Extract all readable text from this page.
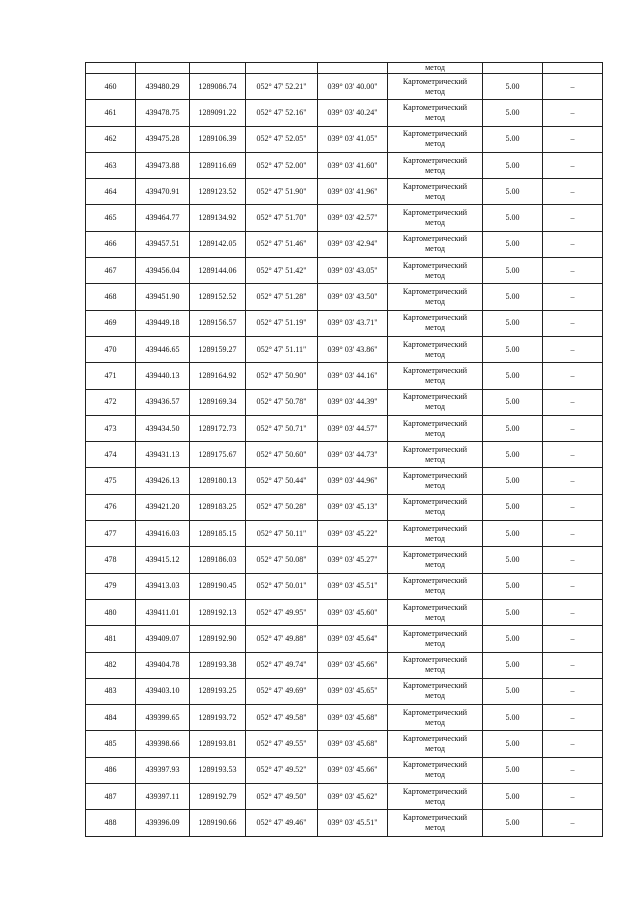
					метод		
460	439480.29	1289086.74	052° 47' 52.21"	039° 03' 40.00"	Картометрический
метод	5.00	–
461	439478.75	1289091.22	052° 47' 52.16"	039° 03' 40.24"	Картометрический
метод	5.00	–
462	439475.28	1289106.39	052° 47' 52.05"	039° 03' 41.05"	Картометрический
метод	5.00	–
463	439473.88	1289116.69	052° 47' 52.00"	039° 03' 41.60"	Картометрический
метод	5.00	–
464	439470.91	1289123.52	052° 47' 51.90"	039° 03' 41.96"	Картометрический
метод	5.00	–
465	439464.77	1289134.92	052° 47' 51.70"	039° 03' 42.57"	Картометрический
метод	5.00	–
466	439457.51	1289142.05	052° 47' 51.46"	039° 03' 42.94"	Картометрический
метод	5.00	–
467	439456.04	1289144.06	052° 47' 51.42"	039° 03' 43.05"	Картометрический
метод	5.00	–
468	439451.90	1289152.52	052° 47' 51.28"	039° 03' 43.50"	Картометрический
метод	5.00	–
469	439449.18	1289156.57	052° 47' 51.19"	039° 03' 43.71"	Картометрический
метод	5.00	–
470	439446.65	1289159.27	052° 47' 51.11"	039° 03' 43.86"	Картометрический
метод	5.00	–
471	439440.13	1289164.92	052° 47' 50.90"	039° 03' 44.16"	Картометрический
метод	5.00	–
472	439436.57	1289169.34	052° 47' 50.78"	039° 03' 44.39"	Картометрический
метод	5.00	–
473	439434.50	1289172.73	052° 47' 50.71"	039° 03' 44.57"	Картометрический
метод	5.00	–
474	439431.13	1289175.67	052° 47' 50.60"	039° 03' 44.73"	Картометрический
метод	5.00	–
475	439426.13	1289180.13	052° 47' 50.44"	039° 03' 44.96"	Картометрический
метод	5.00	–
476	439421.20	1289183.25	052° 47' 50.28"	039° 03' 45.13"	Картометрический
метод	5.00	–
477	439416.03	1289185.15	052° 47' 50.11"	039° 03' 45.22"	Картометрический
метод	5.00	–
478	439415.12	1289186.03	052° 47' 50.08"	039° 03' 45.27"	Картометрический
метод	5.00	–
479	439413.03	1289190.45	052° 47' 50.01"	039° 03' 45.51"	Картометрический
метод	5.00	–
480	439411.01	1289192.13	052° 47' 49.95"	039° 03' 45.60"	Картометрический
метод	5.00	–
481	439409.07	1289192.90	052° 47' 49.88"	039° 03' 45.64"	Картометрический
метод	5.00	–
482	439404.78	1289193.38	052° 47' 49.74"	039° 03' 45.66"	Картометрический
метод	5.00	–
483	439403.10	1289193.25	052° 47' 49.69"	039° 03' 45.65"	Картометрический
метод	5.00	–
484	439399.65	1289193.72	052° 47' 49.58"	039° 03' 45.68"	Картометрический
метод	5.00	–
485	439398.66	1289193.81	052° 47' 49.55"	039° 03' 45.68"	Картометрический
метод	5.00	–
486	439397.93	1289193.53	052° 47' 49.52"	039° 03' 45.66"	Картометрический
метод	5.00	–
487	439397.11	1289192.79	052° 47' 49.50"	039° 03' 45.62"	Картометрический
метод	5.00	–
488	439396.09	1289190.66	052° 47' 49.46"	039° 03' 45.51"	Картометрический
метод	5.00	–
